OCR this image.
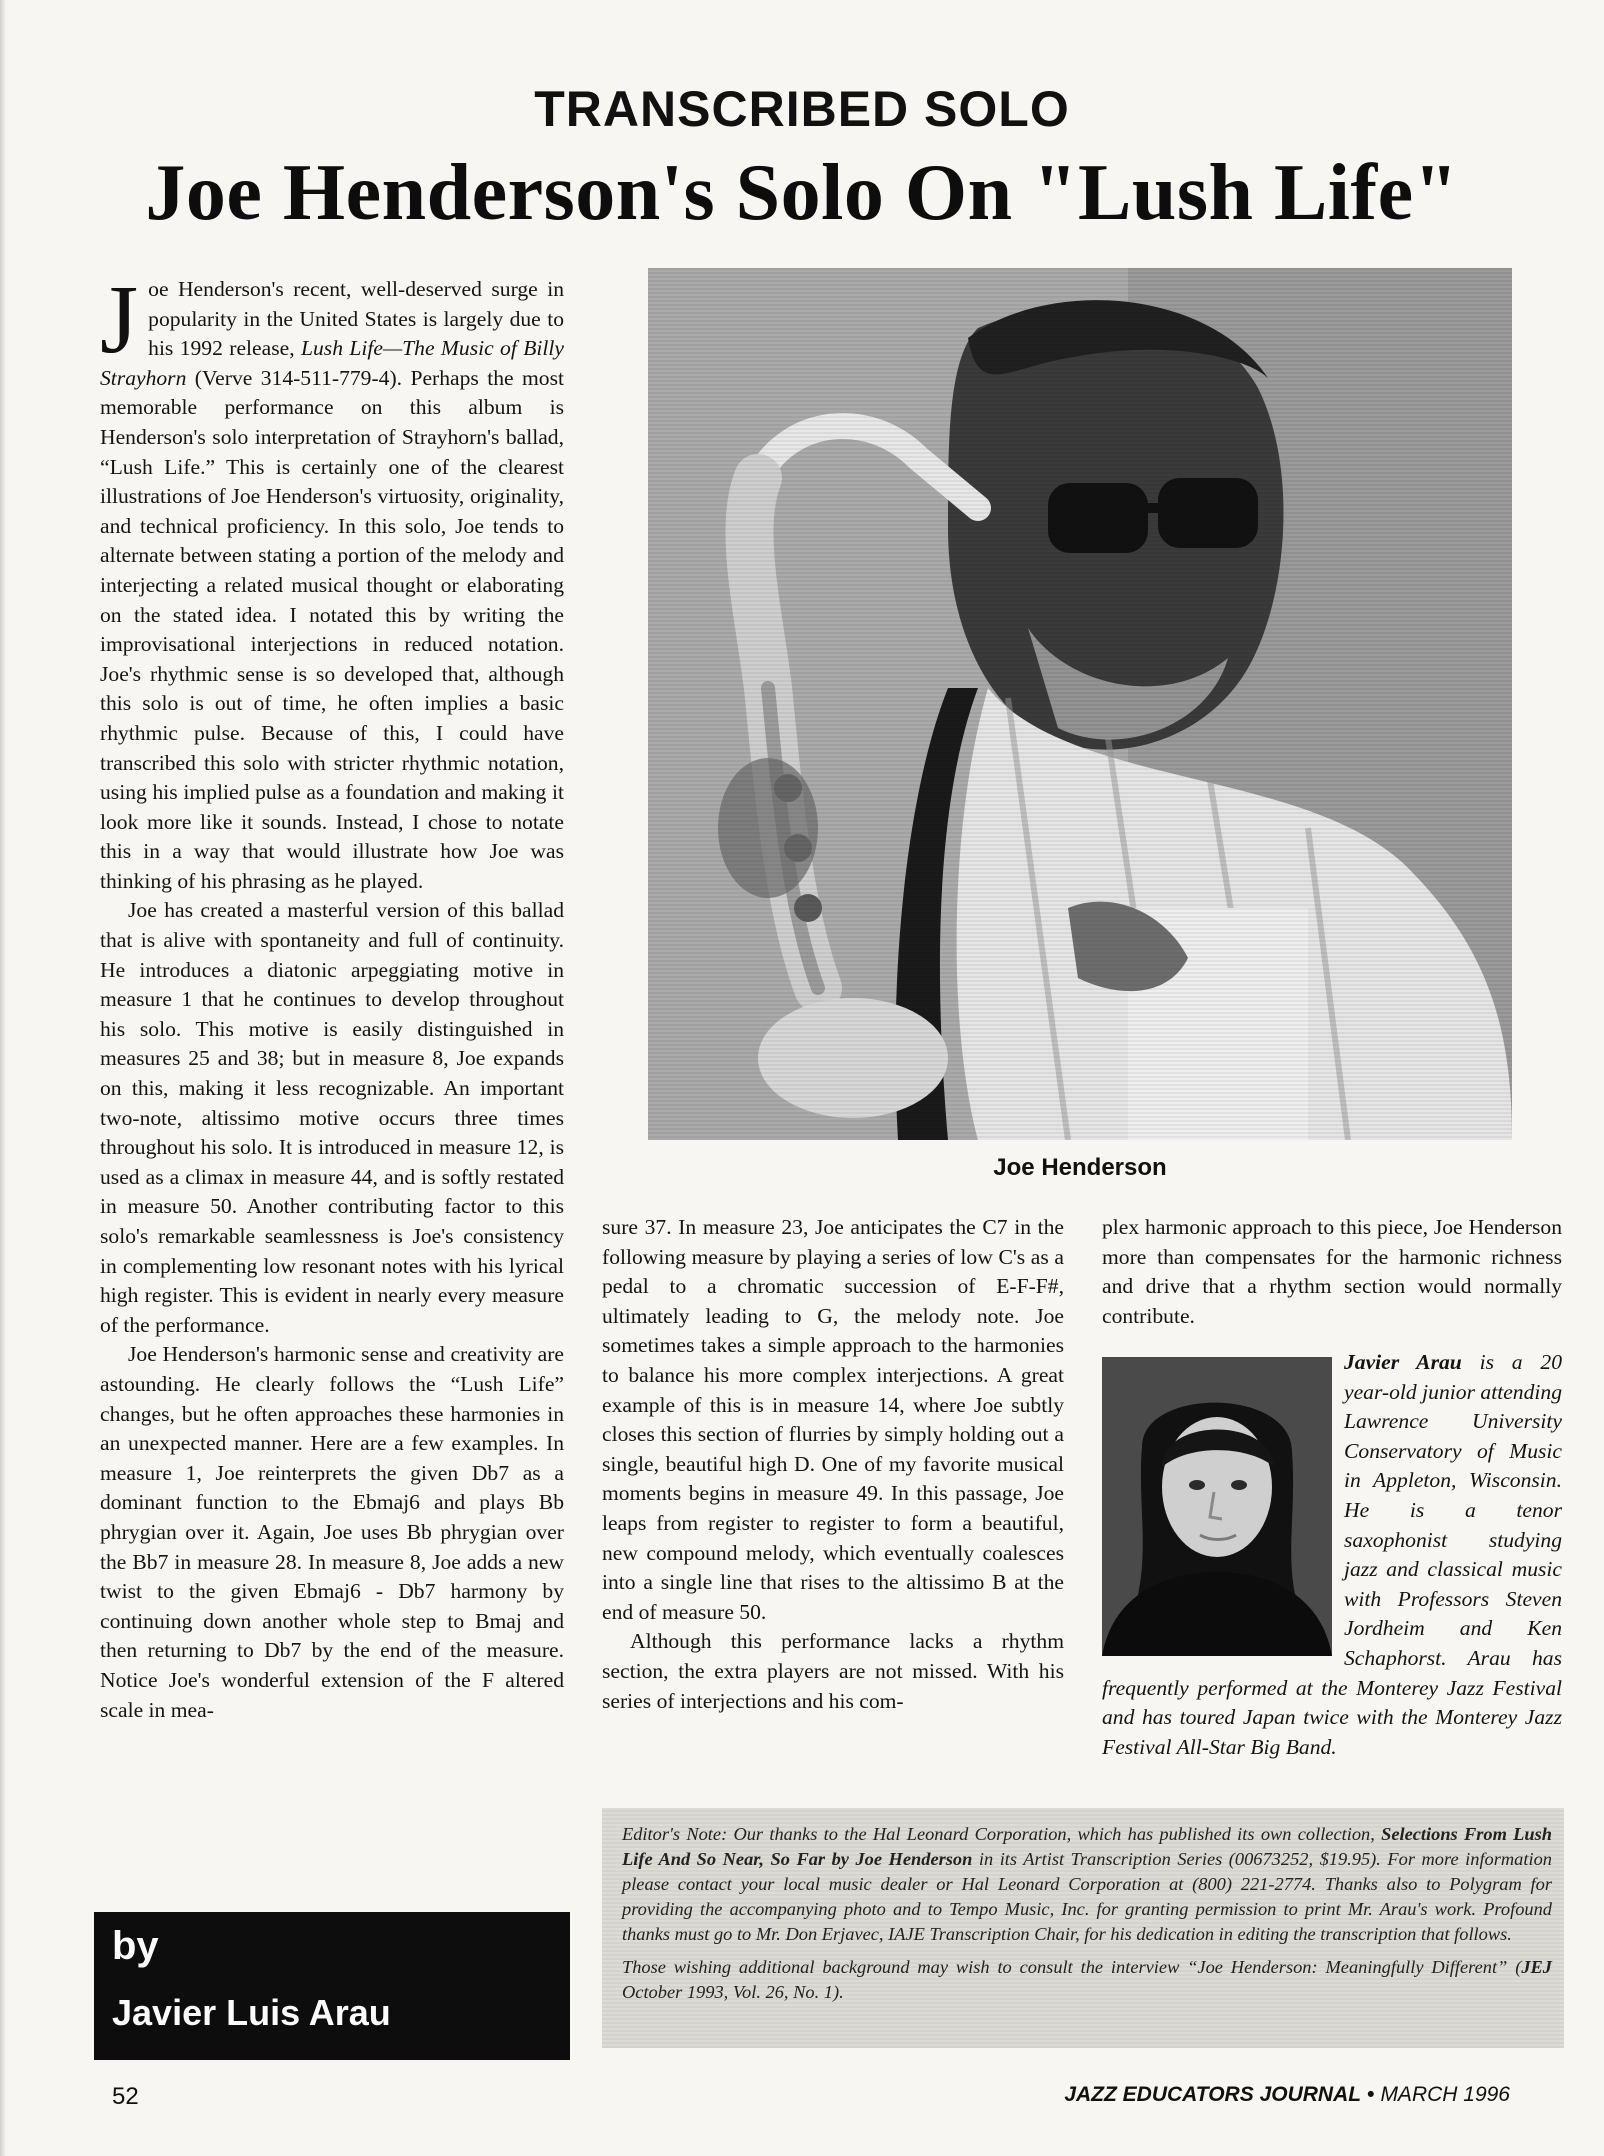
TRANSCRIBED SOLO
Joe Henderson's Solo On "Lush Life"

Joe Henderson's recent, well-deserved surge in popularity in the United States is largely due to his 1992 release, Lush Life—The Music of Billy Strayhorn (Verve 314-511-779-4). Perhaps the most memorable performance on this album is Henderson's solo interpretation of Strayhorn's ballad, “Lush Life.” This is certainly one of the clearest illustrations of Joe Henderson's virtuosity, originality, and technical proficiency. In this solo, Joe tends to alternate between stating a portion of the melody and interjecting a related musical thought or elaborating on the stated idea. I notated this by writing the improvisational interjections in reduced notation. Joe's rhythmic sense is so developed that, although this solo is out of time, he often implies a basic rhythmic pulse. Because of this, I could have transcribed this solo with stricter rhythmic notation, using his implied pulse as a foundation and making it look more like it sounds. Instead, I chose to notate this in a way that would illustrate how Joe was thinking of his phrasing as he played.

Joe has created a masterful version of this ballad that is alive with spontaneity and full of continuity. He introduces a diatonic arpeggiating motive in measure 1 that he continues to develop throughout his solo. This motive is easily distinguished in measures 25 and 38; but in measure 8, Joe expands on this, making it less recognizable. An important two-note, altissimo motive occurs three times throughout his solo. It is introduced in measure 12, is used as a climax in measure 44, and is softly restated in measure 50. Another contributing factor to this solo's remarkable seamlessness is Joe's consistency in complementing low resonant notes with his lyrical high register. This is evident in nearly every measure of the performance.

Joe Henderson's harmonic sense and creativity are astounding. He clearly follows the “Lush Life” changes, but he often approaches these harmonies in an unexpected manner. Here are a few examples. In measure 1, Joe reinterprets the given Db7 as a dominant function to the Ebmaj6 and plays Bb phrygian over it. Again, Joe uses Bb phrygian over the Bb7 in measure 28. In measure 8, Joe adds a new twist to the given Ebmaj6 - Db7 harmony by continuing down another whole step to Bmaj and then returning to Db7 by the end of the measure. Notice Joe's wonderful extension of the F altered scale in mea-

Joe Henderson

sure 37. In measure 23, Joe anticipates the C7 in the following measure by playing a series of low C's as a pedal to a chromatic succession of E-F-F#, ultimately leading to G, the melody note. Joe sometimes takes a simple approach to the harmonies to balance his more complex interjections. A great example of this is in measure 14, where Joe subtly closes this section of flurries by simply holding out a single, beautiful high D. One of my favorite musical moments begins in measure 49. In this passage, Joe leaps from register to register to form a beautiful, new compound melody, which eventually coalesces into a single line that rises to the altissimo B at the end of measure 50.

Although this performance lacks a rhythm section, the extra players are not missed. With his series of interjections and his com-

plex harmonic approach to this piece, Joe Henderson more than compensates for the harmonic richness and drive that a rhythm section would normally contribute.

Javier Arau is a 20 year-old junior attending Lawrence University Conservatory of Music in Appleton, Wisconsin. He is a tenor saxophonist studying jazz and classical music with Professors Steven Jordheim and Ken Schaphorst. Arau has frequently performed at the Monterey Jazz Festival and has toured Japan twice with the Monterey Jazz Festival All-Star Big Band.

Editor's Note: Our thanks to the Hal Leonard Corporation, which has published its own collection, Selections From Lush Life And So Near, So Far by Joe Henderson in its Artist Transcription Series (00673252, $19.95). For more information please contact your local music dealer or Hal Leonard Corporation at (800) 221-2774. Thanks also to Polygram for providing the accompanying photo and to Tempo Music, Inc. for granting permission to print Mr. Arau's work. Profound thanks must go to Mr. Don Erjavec, IAJE Transcription Chair, for his dedication in editing the transcription that follows.

Those wishing additional background may wish to consult the interview “Joe Henderson: Meaningfully Different” (JEJ October 1993, Vol. 26, No. 1).

by
Javier Luis Arau
52	JAZZ EDUCATORS JOURNAL • MARCH 1996
